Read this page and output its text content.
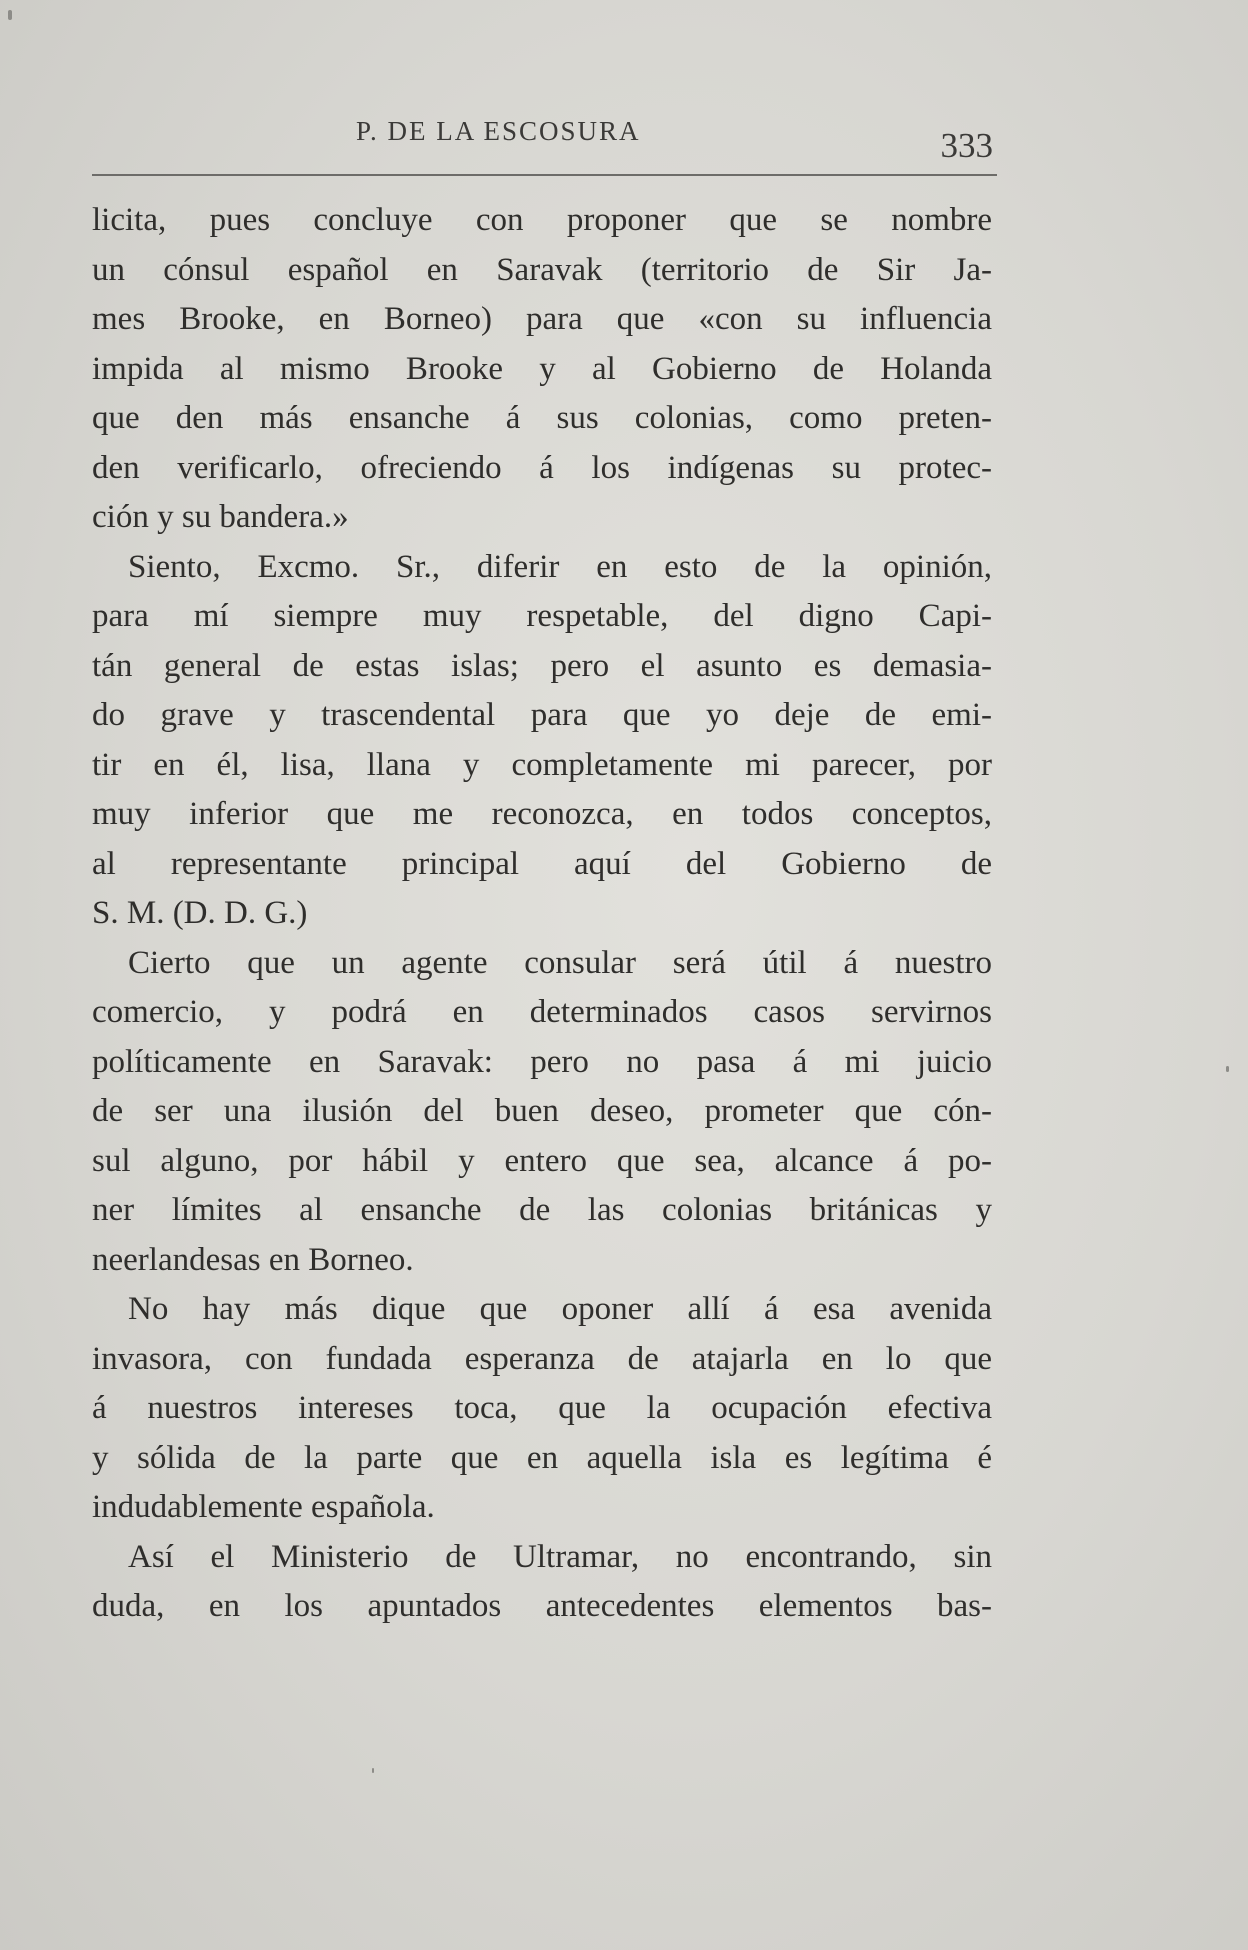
P. DE LA ESCOSURA	333
licita, pues concluye con proponer que se nombre
un cónsul español en Saravak (territorio de Sir Ja-
mes Brooke, en Borneo) para que «con su influencia
impida al mismo Brooke y al Gobierno de Holanda
que den más ensanche á sus colonias, como preten-
den verificarlo, ofreciendo á los indígenas su protec-
ción y su bandera.»
Siento, Excmo. Sr., diferir en esto de la opinión,
para mí siempre muy respetable, del digno Capi-
tán general de estas islas; pero el asunto es demasia-
do grave y trascendental para que yo deje de emi-
tir en él, lisa, llana y completamente mi parecer, por
muy inferior que me reconozca, en todos conceptos,
al representante principal aquí del Gobierno de
S. M. (D. D. G.)
Cierto que un agente consular será útil á nuestro
comercio, y podrá en determinados casos servirnos
políticamente en Saravak: pero no pasa á mi juicio
de ser una ilusión del buen deseo, prometer que cón-
sul alguno, por hábil y entero que sea, alcance á po-
ner límites al ensanche de las colonias británicas y
neerlandesas en Borneo.
No hay más dique que oponer allí á esa avenida
invasora, con fundada esperanza de atajarla en lo que
á nuestros intereses toca, que la ocupación efectiva
y sólida de la parte que en aquella isla es legítima é
indudablemente española.
Así el Ministerio de Ultramar, no encontrando, sin
duda, en los apuntados antecedentes elementos bas-
